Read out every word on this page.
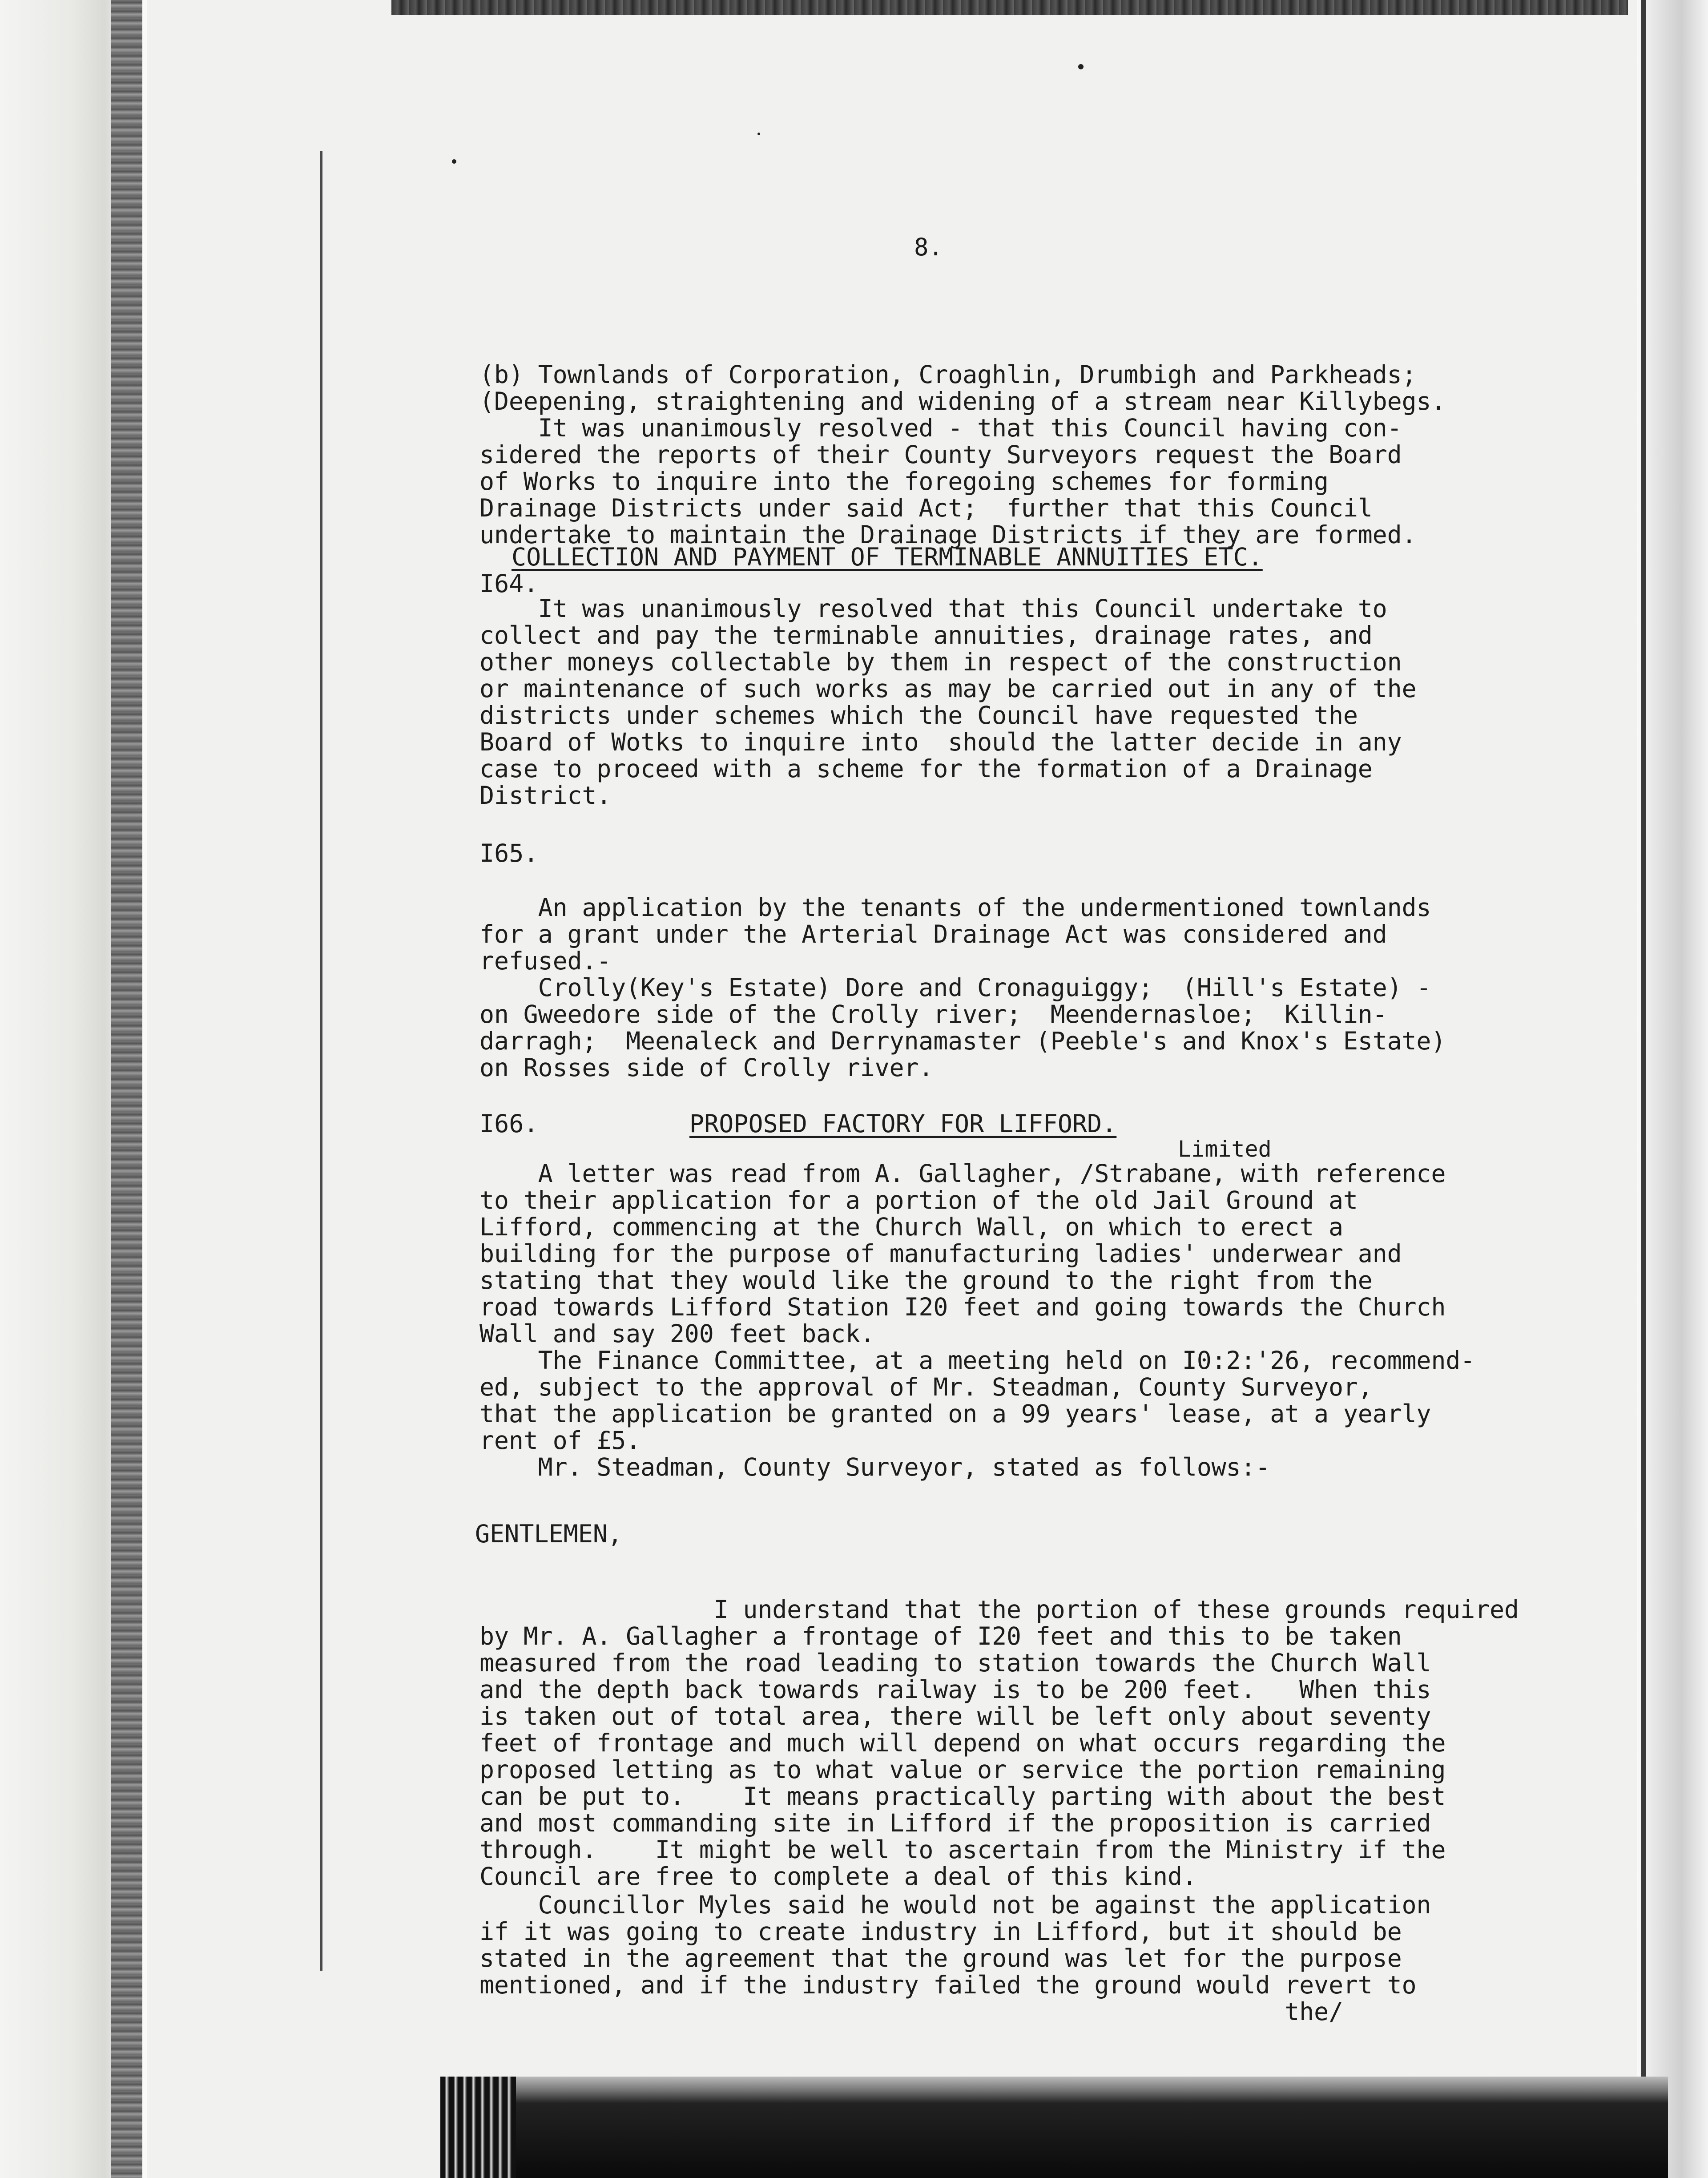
8.

(b) Townlands of Corporation, Croaghlin, Drumbigh and Parkheads;
(Deepening, straightening and widening of a stream near Killybegs.
It was unanimously resolved - that this Council having con-
sidered the reports of their County Surveyors request the Board
of Works to inquire into the foregoing schemes for forming
Drainage Districts under said Act;  further that this Council
undertake to maintain the Drainage Districts if they are formed.

COLLECTION AND PAYMENT OF TERMINABLE ANNUITIES ETC.

I64.

It was unanimously resolved that this Council undertake to
collect and pay the terminable annuities, drainage rates, and
other moneys collectable by them in respect of the construction
or maintenance of such works as may be carried out in any of the
districts under schemes which the Council have requested the
Board of Wotks to inquire into  should the latter decide in any
case to proceed with a scheme for the formation of a Drainage
District.

I65.

An application by the tenants of the undermentioned townlands
for a grant under the Arterial Drainage Act was considered and
refused.-
Crolly(Key's Estate) Dore and Cronaguiggy;  (Hill's Estate) -
on Gweedore side of the Crolly river;  Meendernasloe;  Killin-
darragh;  Meenaleck and Derrynamaster (Peeble's and Knox's Estate)
on Rosses side of Crolly river.

I66.	PROPOSED FACTORY FOR LIFFORD.

Limited

A letter was read from A. Gallagher, /Strabane, with reference
to their application for a portion of the old Jail Ground at
Lifford, commencing at the Church Wall, on which to erect a
building for the purpose of manufacturing ladies' underwear and
stating that they would like the ground to the right from the
road towards Lifford Station I20 feet and going towards the Church
Wall and say 200 feet back.
The Finance Committee, at a meeting held on I0:2:'26, recommend-
ed, subject to the approval of Mr. Steadman, County Surveyor,
that the application be granted on a 99 years' lease, at a yearly
rent of £5.
Mr. Steadman, County Surveyor, stated as follows:-

GENTLEMEN,

I understand that the portion of these grounds required
by Mr. A. Gallagher a frontage of I20 feet and this to be taken
measured from the road leading to station towards the Church Wall
and the depth back towards railway is to be 200 feet.   When this
is taken out of total area, there will be left only about seventy
feet of frontage and much will depend on what occurs regarding the
proposed letting as to what value or service the portion remaining
can be put to.    It means practically parting with about the best
and most commanding site in Lifford if the proposition is carried
through.    It might be well to ascertain from the Ministry if the
Council are free to complete a deal of this kind.
Councillor Myles said he would not be against the application
if it was going to create industry in Lifford, but it should be
stated in the agreement that the ground was let for the purpose
mentioned, and if the industry failed the ground would revert to
the/
